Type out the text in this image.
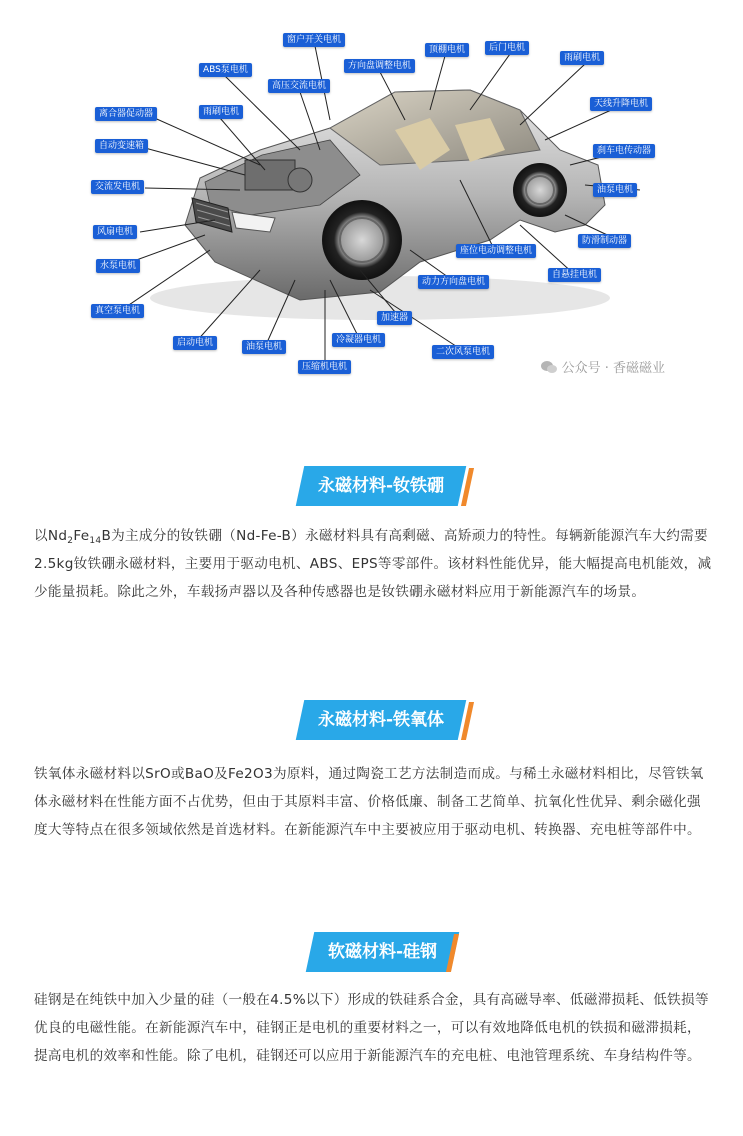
窗户开关电机
ABS泵电机	方向盘调整电机
顶棚电机	后门电机
雨刷电机
高压交流电机
离合器促动器	雨刷电机
天线升降电机
自动变速箱	刹车电传动器
交流发电机	油泵电机
风扇电机
防滑制动器
座位电动调整电机
水泵电机
自悬挂电机
动力方向盘电机
真空泵电机
加速器
启动电机	冷凝器电机
油泵电机	二次风泵电机
压缩机电机	公众号 · 香磁磁业
永磁材料-钕铁硼

以$Nd_2Fe_{14}B$为主成分的钕铁硼（Nd-Fe-B）永磁材料具有高剩磁、高矫顽力的特性。每辆新能源汽车大约需要2.5kg钕铁硼永磁材料，主要用于驱动电机、ABS、EPS等零部件。该材料性能优异，能大幅提高电机能效，减少能量损耗。除此之外，车载扬声器以及各种传感器也是钕铁硼永磁材料应用于新能源汽车的场景。

永磁材料-铁氧体

铁氧体永磁材料以SrO或BaO及Fe2O3为原料，通过陶瓷工艺方法制造而成。与稀土永磁材料相比，尽管铁氧体永磁材料在性能方面不占优势，但由于其原料丰富、价格低廉、制备工艺简单、抗氧化性优异、剩余磁化强度大等特点在很多领域依然是首选材料。在新能源汽车中主要被应用于驱动电机、转换器、充电桩等部件中。

软磁材料-硅钢

硅钢是在纯铁中加入少量的硅（一般在4.5%以下）形成的铁硅系合金，具有高磁导率、低磁滞损耗、低铁损等优良的电磁性能。在新能源汽车中，硅钢正是电机的重要材料之一，可以有效地降低电机的铁损和磁滞损耗，提高电机的效率和性能。除了电机，硅钢还可以应用于新能源汽车的充电桩、电池管理系统、车身结构件等。
